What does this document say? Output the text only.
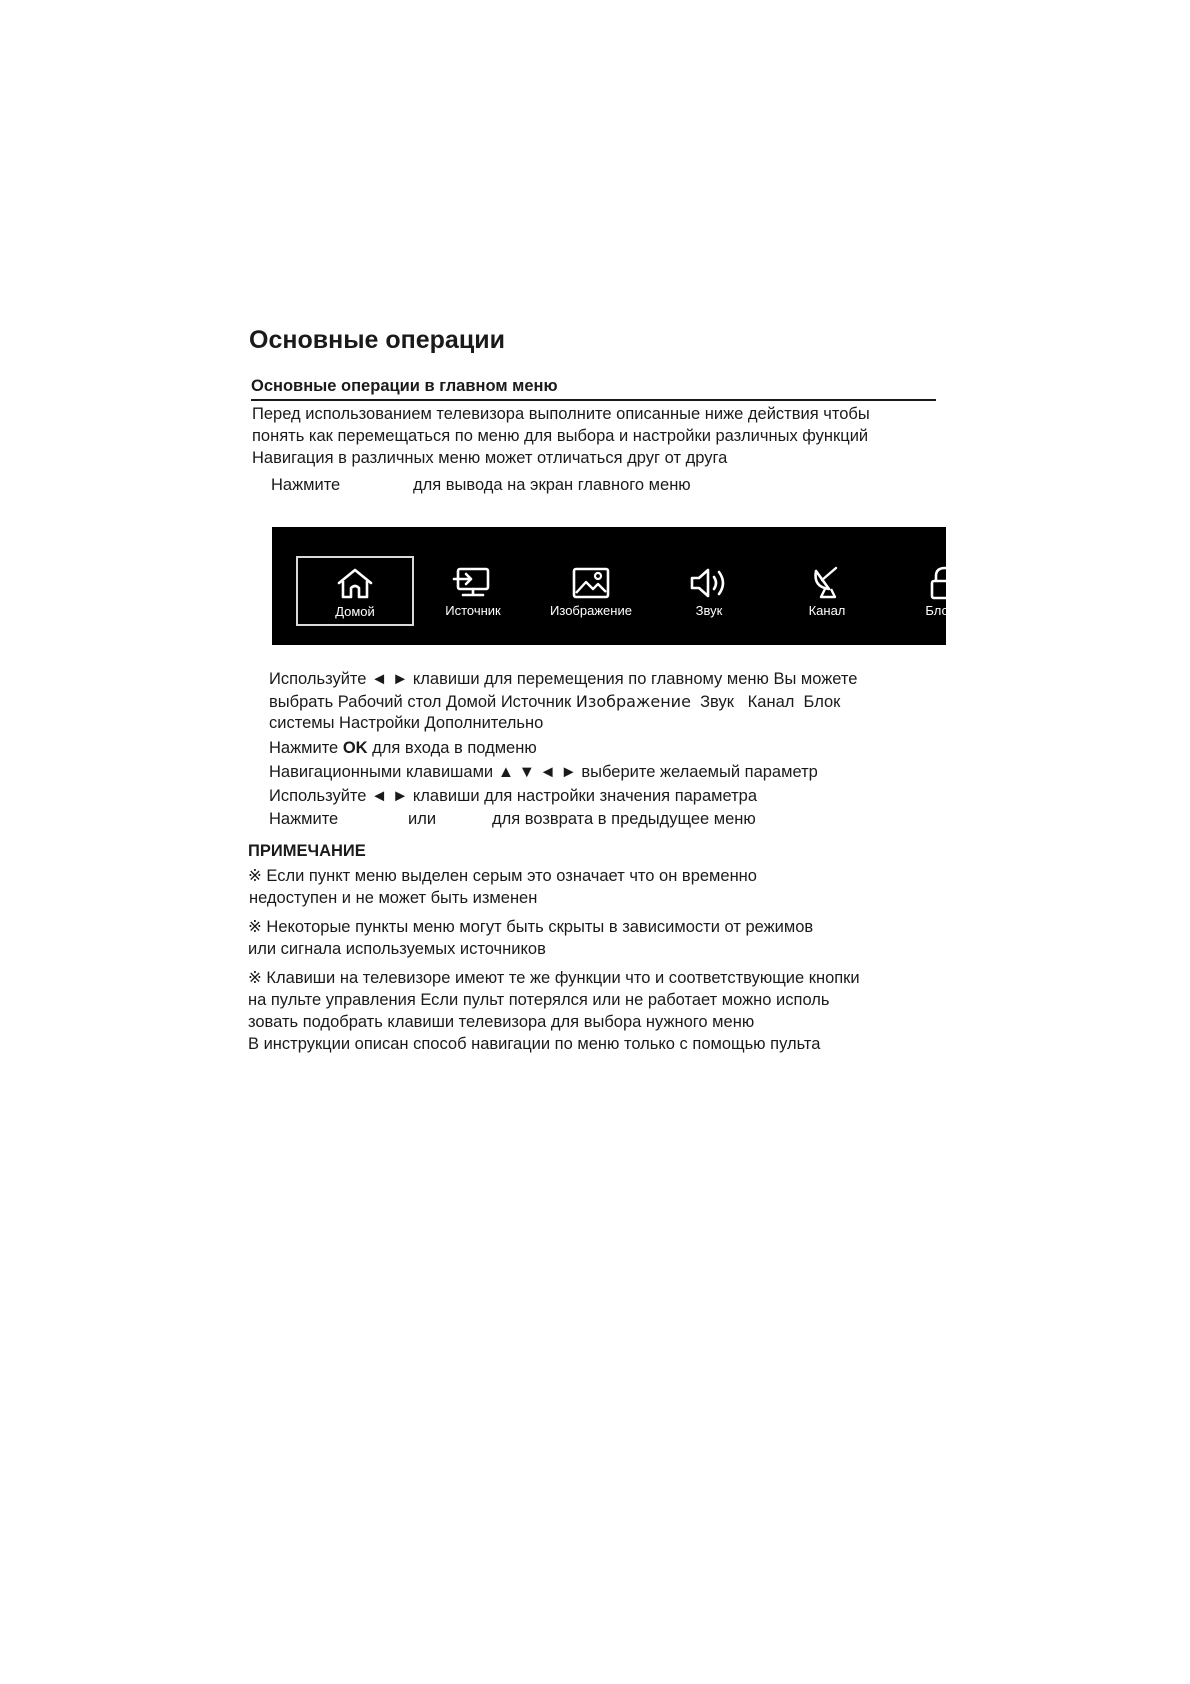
Основные операции
Основные операции в главном меню
Перед использованием телевизора выполните описанные ниже действия чтобы
понять как перемещаться по меню для выбора и настройки различных функций
Навигация в различных меню может отличаться друг от друга
Нажмите	для вывода на экран главного меню
Домой	Источник	Изображение	Звук	Канал	Блок с
Используйте ◄ ► клавиши для перемещения по главному меню Вы можете
выбрать Рабочий стол Домой Источник Изображение  Звук   Канал  Блок
системы Настройки Дополнительно
Нажмите OK для входа в подменю
Навигационными клавишами ▲ ▼ ◄ ► выберите желаемый параметр
Используйте ◄ ► клавиши для настройки значения параметра
Нажмите	или	для возврата в предыдущее меню
ПРИМЕЧАНИЕ
※ Если пункт меню выделен серым это означает что он временно
недоступен и не может быть изменен
※ Некоторые пункты меню могут быть скрыты в зависимости от режимов
или сигнала используемых источников
※ Клавиши на телевизоре имеют те же функции что и соответствующие кнопки
на пульте управления Если пульт потерялся или не работает можно исполь
зовать подобрать клавиши телевизора для выбора нужного меню
В инструкции описан способ навигации по меню только с помощью пульта
